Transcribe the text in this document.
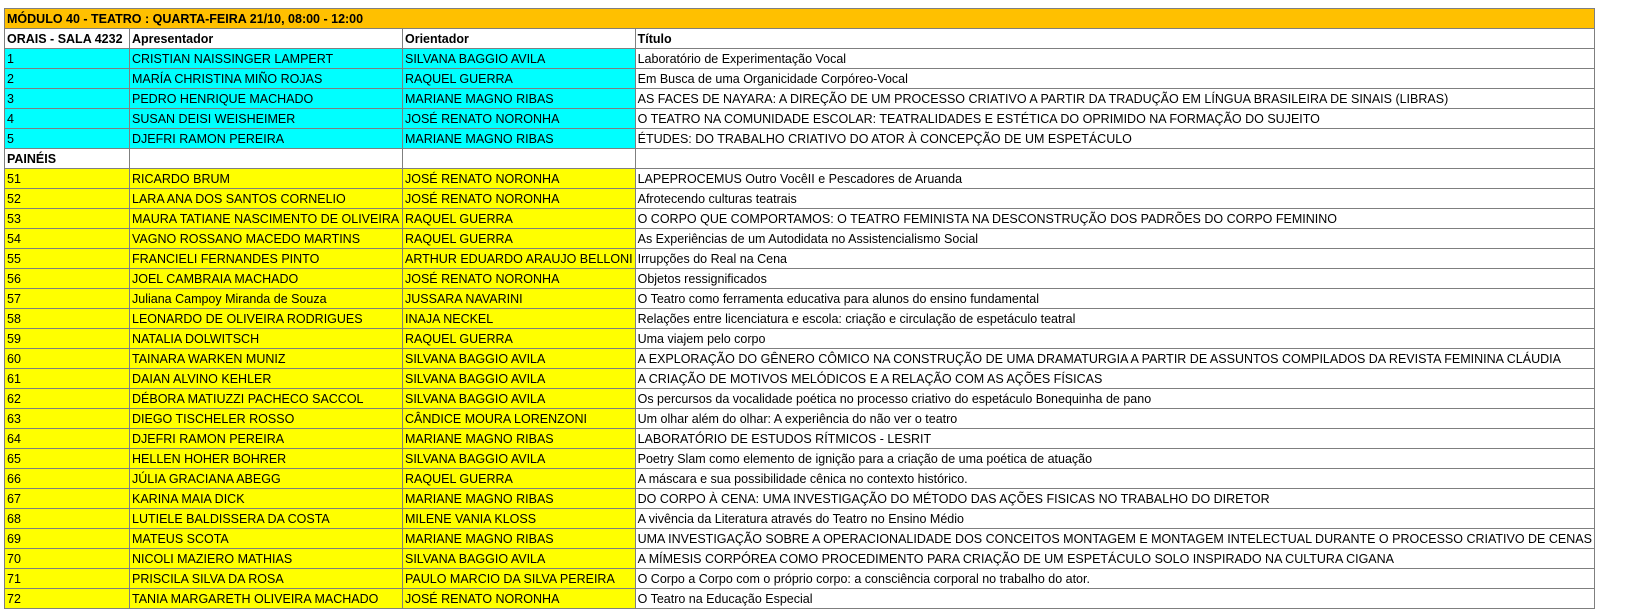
MÓDULO 40 - TEATRO : QUARTA-FEIRA 21/10, 08:00 - 12:00			
ORAIS - SALA 4232	Apresentador	Orientador	Título
1	CRISTIAN NAISSINGER LAMPERT	SILVANA BAGGIO AVILA	Laboratório de Experimentação Vocal
2	MARÍA CHRISTINA MIÑO ROJAS	RAQUEL GUERRA	Em Busca de uma Organicidade Corpóreo-Vocal
3	PEDRO HENRIQUE MACHADO	MARIANE MAGNO RIBAS	AS FACES DE NAYARA: A DIREÇÃO DE UM PROCESSO CRIATIVO A PARTIR DA TRADUÇÃO EM LÍNGUA BRASILEIRA DE SINAIS (LIBRAS)
4	SUSAN DEISI WEISHEIMER	JOSÉ RENATO NORONHA	O TEATRO NA COMUNIDADE ESCOLAR: TEATRALIDADES E ESTÉTICA DO OPRIMIDO NA FORMAÇÃO DO SUJEITO
5	DJEFRI RAMON PEREIRA	MARIANE MAGNO RIBAS	ÉTUDES: DO TRABALHO CRIATIVO DO ATOR À CONCEPÇÃO DE UM ESPETÁCULO
PAINÉIS			
51	RICARDO BRUM	JOSÉ RENATO NORONHA	LAPEPROCEMUS Outro VocêII e Pescadores de Aruanda
52	LARA ANA DOS SANTOS CORNELIO	JOSÉ RENATO NORONHA	Afrotecendo culturas teatrais
53	MAURA TATIANE NASCIMENTO DE OLIVEIRA	RAQUEL GUERRA	O CORPO QUE COMPORTAMOS: O TEATRO FEMINISTA NA DESCONSTRUÇÃO DOS PADRÕES DO CORPO FEMININO
54	VAGNO ROSSANO MACEDO MARTINS	RAQUEL GUERRA	As Experiências de um Autodidata no Assistencialismo Social
55	FRANCIELI FERNANDES PINTO	ARTHUR EDUARDO ARAUJO BELLONI	Irrupções do Real na Cena
56	JOEL CAMBRAIA MACHADO	JOSÉ RENATO NORONHA	Objetos ressignificados
57	Juliana Campoy Miranda de Souza	JUSSARA NAVARINI	O Teatro como ferramenta educativa para alunos do ensino fundamental
58	LEONARDO DE OLIVEIRA RODRIGUES	INAJA NECKEL	Relações entre licenciatura e escola: criação e circulação de espetáculo teatral
59	NATALIA DOLWITSCH	RAQUEL GUERRA	Uma viajem pelo corpo
60	TAINARA WARKEN MUNIZ	SILVANA BAGGIO AVILA	A EXPLORAÇÃO DO GÊNERO CÔMICO NA CONSTRUÇÃO DE UMA DRAMATURGIA A PARTIR DE ASSUNTOS COMPILADOS DA REVISTA FEMININA CLÁUDIA
61	DAIAN ALVINO KEHLER	SILVANA BAGGIO AVILA	A CRIAÇÃO DE MOTIVOS MELÓDICOS E A RELAÇÃO COM AS AÇÕES FÍSICAS
62	DÉBORA MATIUZZI PACHECO SACCOL	SILVANA BAGGIO AVILA	Os percursos da vocalidade poética no processo criativo do espetáculo Bonequinha de pano
63	DIEGO TISCHELER ROSSO	CÂNDICE MOURA LORENZONI	Um olhar além do olhar: A experiência do não ver o teatro
64	DJEFRI RAMON PEREIRA	MARIANE MAGNO RIBAS	LABORATÓRIO DE ESTUDOS RÍTMICOS - LESRIT
65	HELLEN HOHER BOHRER	SILVANA BAGGIO AVILA	Poetry Slam como elemento de ignição para a criação de uma poética de atuação
66	JÚLIA GRACIANA ABEGG	RAQUEL GUERRA	A máscara e sua possibilidade cênica no contexto histórico.
67	KARINA MAIA DICK	MARIANE MAGNO RIBAS	DO CORPO À CENA: UMA INVESTIGAÇÃO DO MÉTODO DAS AÇÕES FISICAS NO TRABALHO DO DIRETOR
68	LUTIELE BALDISSERA DA COSTA	MILENE VANIA KLOSS	A vivência da Literatura através do Teatro no Ensino Médio
69	MATEUS SCOTA	MARIANE MAGNO RIBAS	UMA INVESTIGAÇÃO SOBRE A OPERACIONALIDADE DOS CONCEITOS MONTAGEM E MONTAGEM INTELECTUAL DURANTE O PROCESSO CRIATIVO DE CENAS
70	NICOLI MAZIERO MATHIAS	SILVANA BAGGIO AVILA	A MÍMESIS CORPÓREA COMO PROCEDIMENTO PARA CRIAÇÃO DE UM ESPETÁCULO SOLO INSPIRADO NA CULTURA CIGANA
71	PRISCILA SILVA DA ROSA	PAULO MARCIO DA SILVA PEREIRA	O Corpo a Corpo com o próprio corpo: a consciência corporal no trabalho do ator.
72	TANIA MARGARETH OLIVEIRA MACHADO	JOSÉ RENATO NORONHA	O Teatro na Educação Especial
